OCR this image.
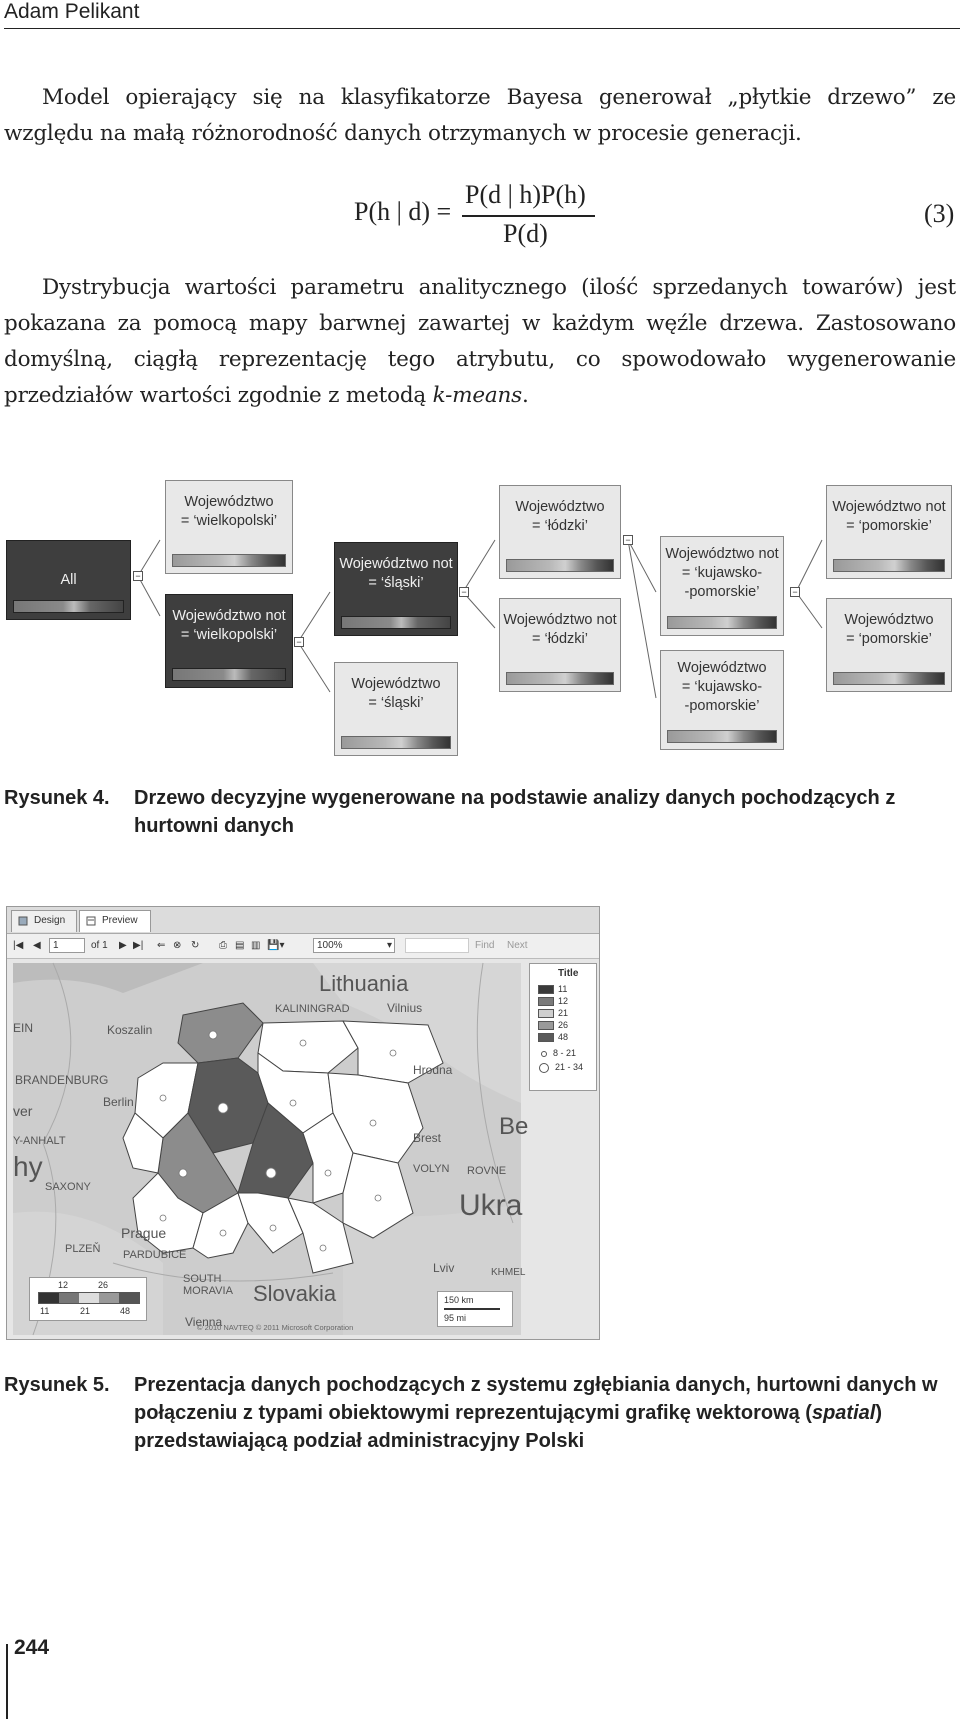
Adam Pelikant
Model opierający się na klasyfikatorze Bayesa generował „płytkie drzewo” ze względu na małą różnorodność danych otrzymanych w procesie generacji.
P(h | d) =
P(d | h)P(h)
P(d)
(3)
Dystrybucja wartości parametru analitycznego (ilość sprzedanych towarów) jest pokazana za pomocą mapy barwnej zawartej w każdym węźle drzewa. Zastosowano domyślną, ciągłą reprezentację tego atrybutu, co spowodowało wygenerowanie przedziałów wartości zgodnie z metodą k-means.
All	−
Województwo
= ‘wielkopolski’
Województwo not
= ‘wielkopolski’	−
Województwo not
= ‘śląski’
Województwo
= ‘śląski’
−
Województwo
= ‘łódzki’
Województwo not
= ‘łódzki’
−
Województwo not
= ‘kujawsko-
-pomorskie’
Województwo
= ‘kujawsko-
-pomorskie’
−
Województwo not
= ‘pomorskie’
Województwo
= ‘pomorskie’
Rysunek 4. Drzewo decyzyjne wygenerowane na podstawie analizy danych pochodzących z hurtowni danych
Design	Preview
|◀ ◀	1	of 1 ▶ ▶| ⇐ ⊗ ↻ ⎙ ▤ ▥ 💾▾	100%	▾	Find Next
Lithuania
Vilnius
KALININGRAD
Koszalin
Hrodna
BRANDENBURG
Berlin
EIN
ver
Y-ANHALT
hy
SAXONY
Brest Be
VOLYN ROVNE
Ukra
Prague
PARDUBICE
PLZEŇ
SOUTH MORAVIA Slovakia
Vienna
Lviv	KHMEL
Title
11
12
21
26
48
8 - 21
21 - 34
12	26
11	21	48
150 km
95 mi
© 2010 NAVTEQ © 2011 Microsoft Corporation
Rysunek 5. Prezentacja danych pochodzących z systemu zgłębiania danych, hurtowni danych w połączeniu z typami obiektowymi reprezentującymi grafikę wektorową (spatial) przedstawiającą podział administracyjny Polski
244
